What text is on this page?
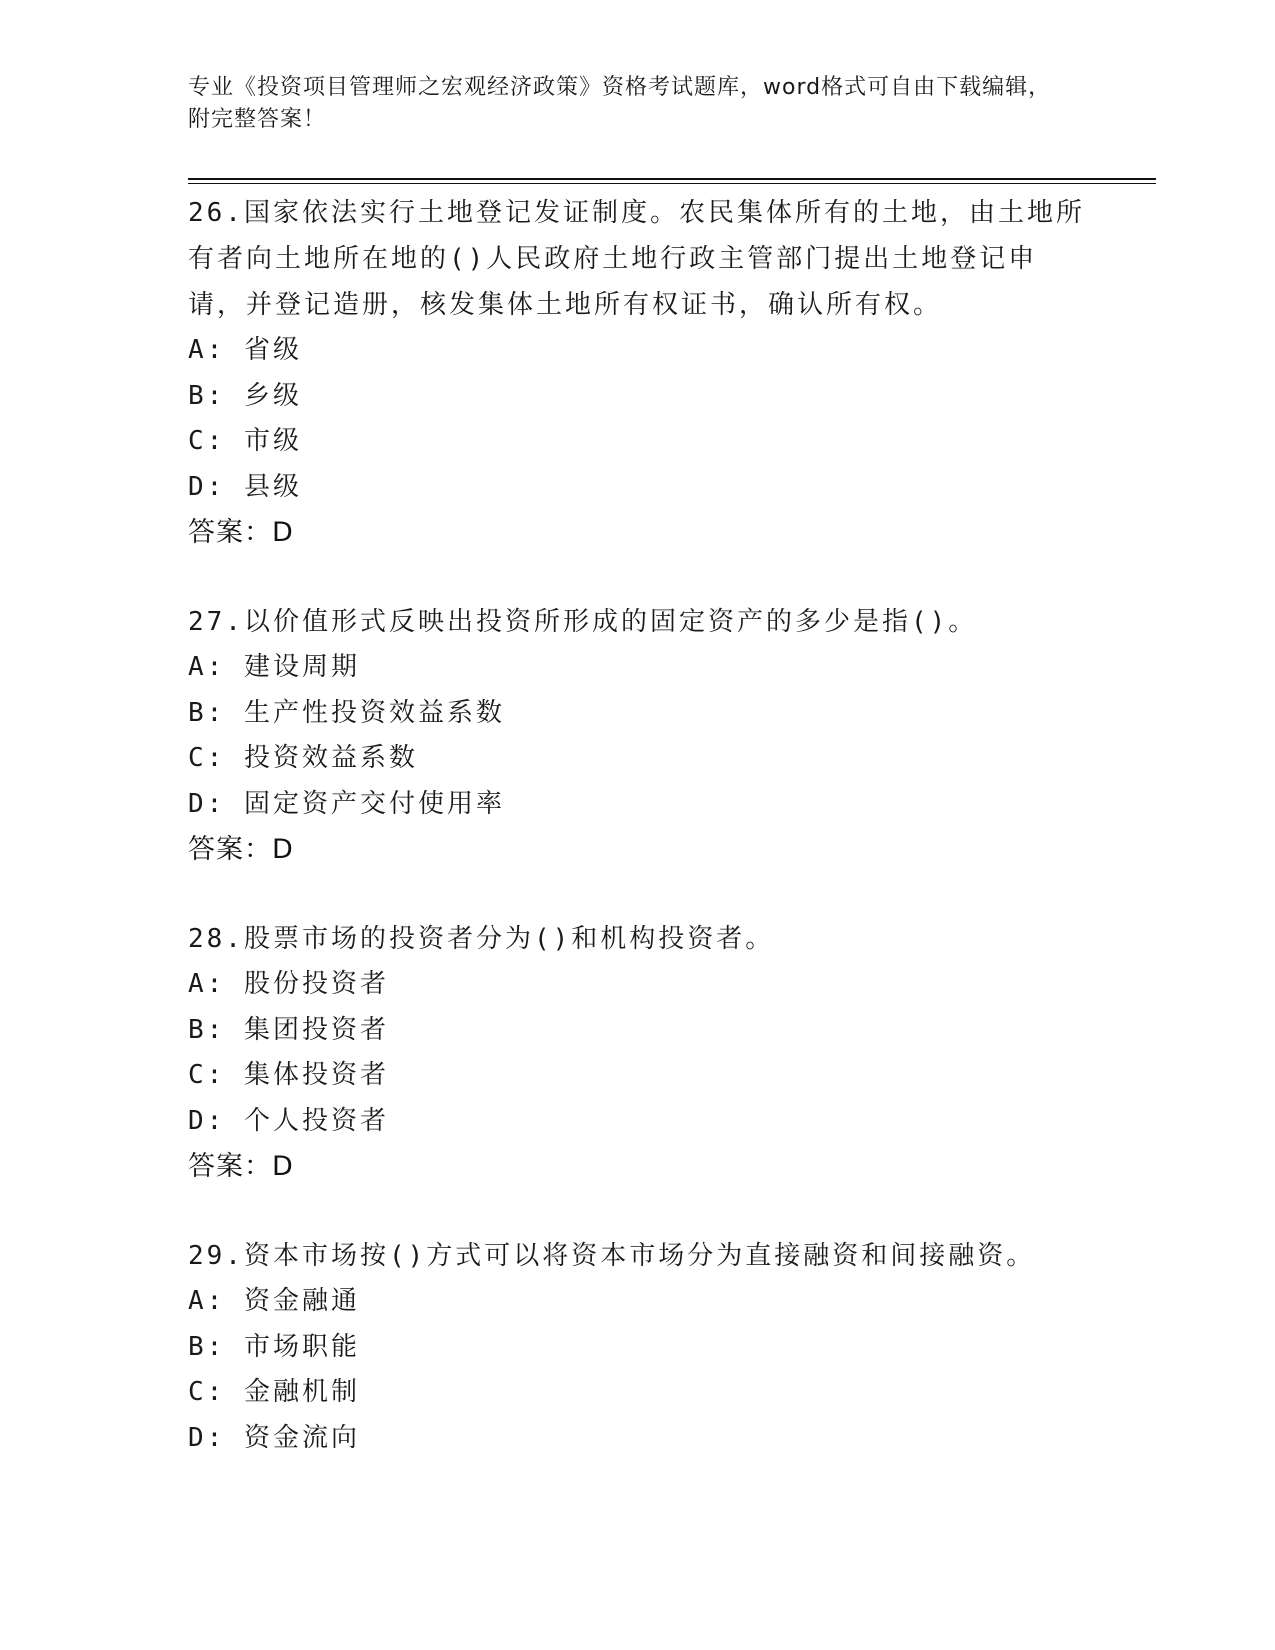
专业《投资项目管理师之宏观经济政策》资格考试题库，word格式可自由下载编辑，附完整答案！

26.国家依法实行土地登记发证制度。农民集体所有的土地，由土地所有者向土地所在地的()人民政府土地行政主管部门提出土地登记申请，并登记造册，核发集体土地所有权证书，确认所有权。

A: 省级

B: 乡级

C: 市级

D: 县级

答案：D

27.以价值形式反映出投资所形成的固定资产的多少是指()。

A: 建设周期

B: 生产性投资效益系数

C: 投资效益系数

D: 固定资产交付使用率

答案：D

28.股票市场的投资者分为()和机构投资者。

A: 股份投资者

B: 集团投资者

C: 集体投资者

D: 个人投资者

答案：D

29.资本市场按()方式可以将资本市场分为直接融资和间接融资。

A: 资金融通

B: 市场职能

C: 金融机制

D: 资金流向
